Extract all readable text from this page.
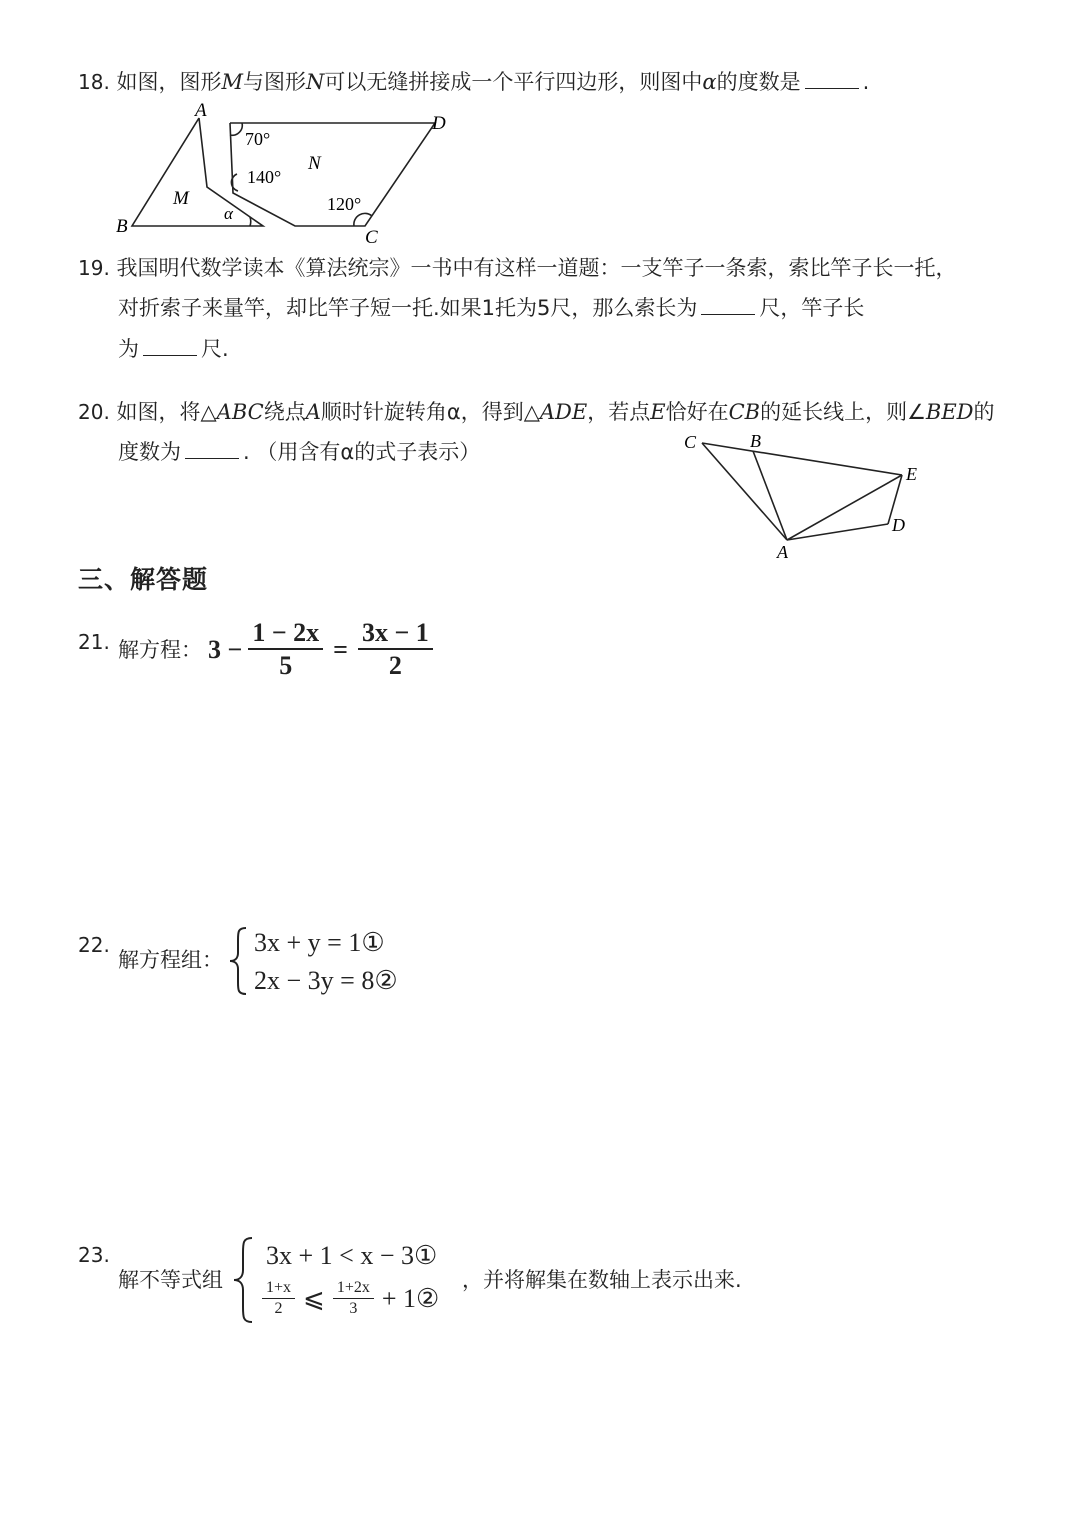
18. 如图，图形M与图形N可以无缝拼接成一个平行四边形，则图中α的度数是	.
A
B
C
D
M
N
α
70°
140°
120°
19. 我国明代数学读本《算法统宗》一书中有这样一道题：一支竿子一条索，索比竿子长一托，
对折索子来量竿，却比竿子短一托.如果1托为5尺，那么索长为	尺，竿子长
为	尺.
20. 如图，将△ABC绕点A顺时针旋转角α，得到△ADE，若点E恰好在CB的延长线上，则∠BED的
度数为	. （用含有α的式子表示）	C	B
E
D
A
三、解答题
21. 解方程： $3 - \frac{1 - 2x}{5} = \frac{3x - 1}{2}$
22.
解方程组：
3x + y = 1①
2x − 3y = 8②
23.
解不等式组
3x + 1 < x − 3①
$\frac{1+x}{2}$ ⩽ $\frac{1+2x}{3}$ + 1②
，并将解集在数轴上表示出来.
